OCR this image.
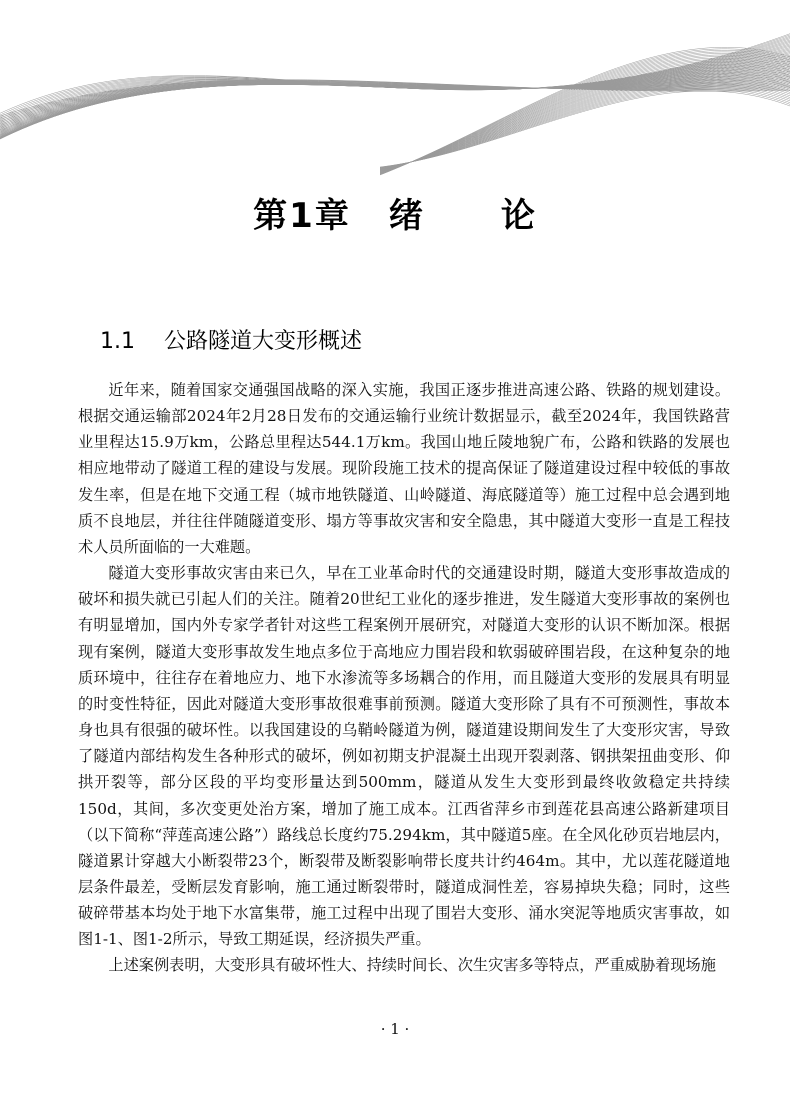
第1章 绪 论
1.1 公路隧道大变形概述

近年来，随着国家交通强国战略的深入实施，我国正逐步推进高速公路、铁路的规划建设。根据交通运输部2024年2月28日发布的交通运输行业统计数据显示，截至2024年，我国铁路营业里程达15.9万km，公路总里程达544.1万km。我国山地丘陵地貌广布，公路和铁路的发展也相应地带动了隧道工程的建设与发展。现阶段施工技术的提高保证了隧道建设过程中较低的事故发生率，但是在地下交通工程（城市地铁隧道、山岭隧道、海底隧道等）施工过程中总会遇到地质不良地层，并往往伴随隧道变形、塌方等事故灾害和安全隐患，其中隧道大变形一直是工程技术人员所面临的一大难题。

隧道大变形事故灾害由来已久，早在工业革命时代的交通建设时期，隧道大变形事故造成的破坏和损失就已引起人们的关注。随着20世纪工业化的逐步推进，发生隧道大变形事故的案例也有明显增加，国内外专家学者针对这些工程案例开展研究，对隧道大变形的认识不断加深。根据现有案例，隧道大变形事故发生地点多位于高地应力围岩段和软弱破碎围岩段，在这种复杂的地质环境中，往往存在着地应力、地下水渗流等多场耦合的作用，而且隧道大变形的发展具有明显的时变性特征，因此对隧道大变形事故很难事前预测。隧道大变形除了具有不可预测性，事故本身也具有很强的破坏性。以我国建设的乌鞘岭隧道为例，隧道建设期间发生了大变形灾害，导致了隧道内部结构发生各种形式的破坏，例如初期支护混凝土出现开裂剥落、钢拱架扭曲变形、仰拱开裂等，部分区段的平均变形量达到500mm，隧道从发生大变形到最终收敛稳定共持续150d，其间，多次变更处治方案，增加了施工成本。江西省萍乡市到莲花县高速公路新建项目（以下简称“萍莲高速公路”）路线总长度约75.294km，其中隧道5座。在全风化砂页岩地层内，隧道累计穿越大小断裂带23个，断裂带及断裂影响带长度共计约464m。其中，尤以莲花隧道地层条件最差，受断层发育影响，施工通过断裂带时，隧道成洞性差，容易掉块失稳；同时，这些破碎带基本均处于地下水富集带，施工过程中出现了围岩大变形、涌水突泥等地质灾害事故，如图1-1、图1-2所示，导致工期延误，经济损失严重。

上述案例表明，大变形具有破坏性大、持续时间长、次生灾害多等特点，严重威胁着现场施

· 1 ·
